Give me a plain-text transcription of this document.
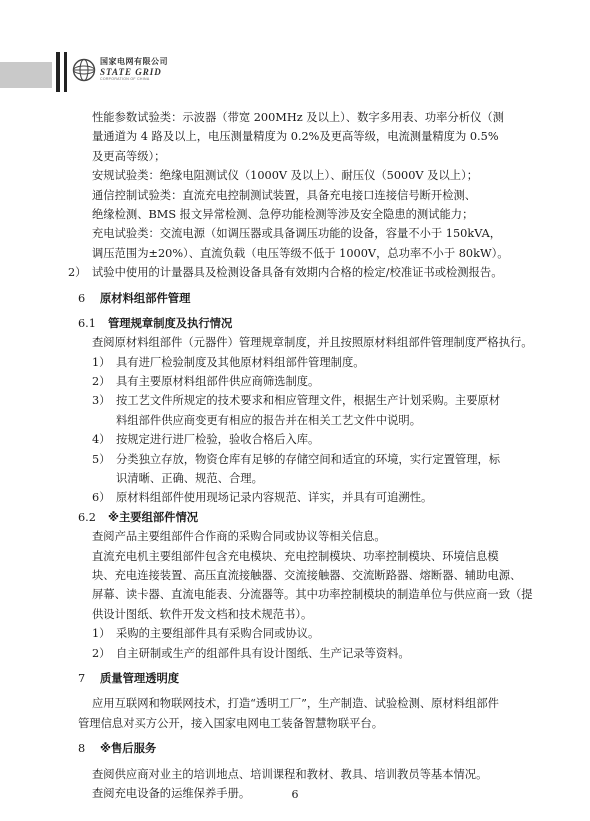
国家电网有限公司
STATE GRID
CORPORATION OF CHINA
性能参数试验类：示波器（带宽 200MHz 及以上）、数字多用表、功率分析仪（测
量通道为 4 路及以上，电压测量精度为 0.2%及更高等级，电流测量精度为 0.5%
及更高等级）；
安规试验类：绝缘电阻测试仪（1000V 及以上）、耐压仪（5000V 及以上）；
通信控制试验类：直流充电控制测试装置，具备充电接口连接信号断开检测、
绝缘检测、BMS 报文异常检测、急停功能检测等涉及安全隐患的测试能力；
充电试验类：交流电源（如调压器或具备调压功能的设备，容量不小于 150kVA，
调压范围为±20%）、直流负载（电压等级不低于 1000V，总功率不小于 80kW）。
2） 试验中使用的计量器具及检测设备具备有效期内合格的检定/校准证书或检测报告。
6 原材料组部件管理
6.1 管理规章制度及执行情况
查阅原材料组部件（元器件）管理规章制度，并且按照原材料组部件管理制度严格执行。
1） 具有进厂检验制度及其他原材料组部件管理制度。
2） 具有主要原材料组部件供应商筛选制度。
3） 按工艺文件所规定的技术要求和相应管理文件，根据生产计划采购。主要原材
料组部件供应商变更有相应的报告并在相关工艺文件中说明。
4） 按规定进行进厂检验，验收合格后入库。
5） 分类独立存放，物资仓库有足够的存储空间和适宜的环境，实行定置管理，标
识清晰、正确、规范、合理。
6） 原材料组部件使用现场记录内容规范、详实，并具有可追溯性。
6.2 ※主要组部件情况
查阅产品主要组部件合作商的采购合同或协议等相关信息。
直流充电机主要组部件包含充电模块、充电控制模块、功率控制模块、环境信息模
块、充电连接装置、高压直流接触器、交流接触器、交流断路器、熔断器、辅助电源、
屏幕、读卡器、直流电能表、分流器等。其中功率控制模块的制造单位与供应商一致（提
供设计图纸、软件开发文档和技术规范书）。
1） 采购的主要组部件具有采购合同或协议。
2） 自主研制或生产的组部件具有设计图纸、生产记录等资料。
7 质量管理透明度
应用互联网和物联网技术，打造“透明工厂”，生产制造、试验检测、原材料组部件
管理信息对买方公开，接入国家电网电工装备智慧物联平台。
8 ※售后服务
查阅供应商对业主的培训地点、培训课程和教材、教具、培训教员等基本情况。
查阅充电设备的运维保养手册。	6
